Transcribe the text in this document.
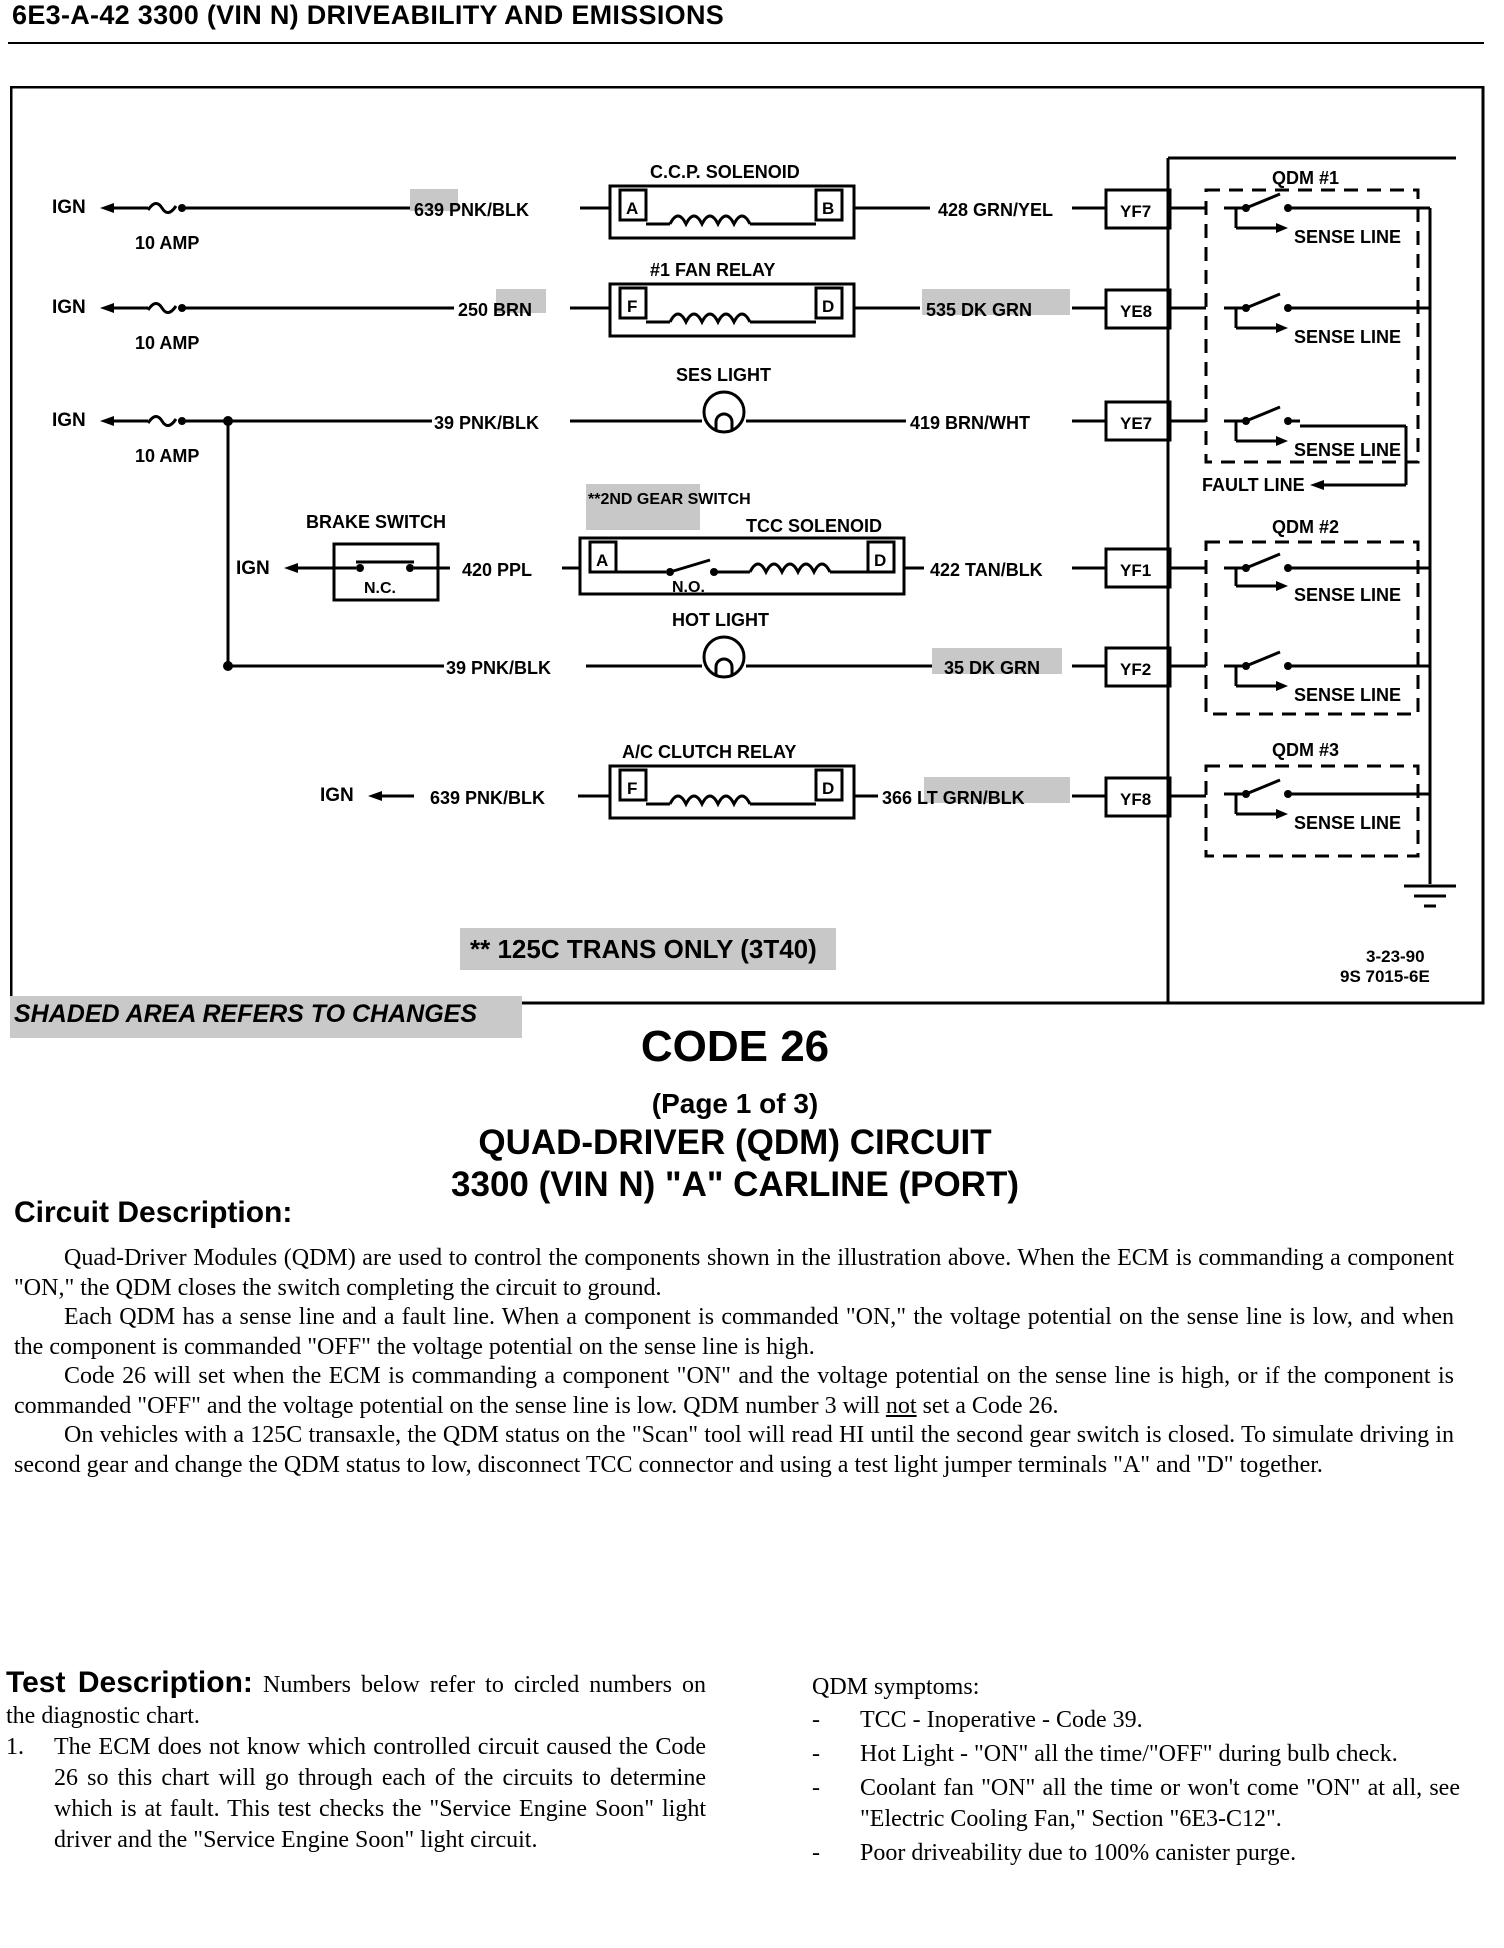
6E3-A-42 3300 (VIN N) DRIVEABILITY AND EMISSIONS
IGN
10 AMP
639 PNK/BLK
C.C.P. SOLENOID
A	B	428 GRN/YEL	YF7
IGN
10 AMP
250 BRN
#1 FAN RELAY
F	D	535 DK GRN	YE8
IGN
10 AMP
39 PNK/BLK
SES LIGHT
419 BRN/WHT	YE7
BRAKE SWITCH
IGN
N.C.
420 PPL
**2ND GEAR SWITCH
TCC SOLENOID
A	D
N.O.
422 TAN/BLK	YF1
39 PNK/BLK
HOT LIGHT
35 DK GRN	YF2
IGN	639 PNK/BLK
A/C CLUTCH RELAY
F	D	366 LT GRN/BLK	YF8
QDM #1
SENSE LINE
SENSE LINE
SENSE LINE
FAULT LINE
QDM #2
SENSE LINE
SENSE LINE
QDM #3
SENSE LINE
** 125C TRANS ONLY (3T40)	3-23-90
9S 7015-6E
SHADED AREA REFERS TO CHANGES
CODE 26
(Page 1 of 3)
QUAD-DRIVER (QDM) CIRCUIT
3300 (VIN N) "A" CARLINE (PORT)
Circuit Description:

Quad-Driver Modules (QDM) are used to control the components shown in the illustration above. When the ECM is commanding a component "ON," the QDM closes the switch completing the circuit to ground.

Each QDM has a sense line and a fault line. When a component is commanded "ON," the voltage potential on the sense line is low, and when the component is commanded "OFF" the voltage potential on the sense line is high.

Code 26 will set when the ECM is commanding a component "ON" and the voltage potential on the sense line is high, or if the component is commanded "OFF" and the voltage potential on the sense line is low. QDM number 3 will not set a Code 26.

On vehicles with a 125C transaxle, the QDM status on the "Scan" tool will read HI until the second gear switch is closed. To simulate driving in second gear and change the QDM status to low, disconnect TCC connector and using a test light jumper terminals "A" and "D" together.

Test Description: Numbers below refer to circled numbers on the diagnostic chart.
1. The ECM does not know which controlled circuit caused the Code 26 so this chart will go through each of the circuits to determine which is at fault. This test checks the "Service Engine Soon" light driver and the "Service Engine Soon" light circuit.
QDM symptoms:
- TCC - Inoperative - Code 39.
- Hot Light - "ON" all the time/"OFF" during bulb check.
- Coolant fan "ON" all the time or won't come "ON" at all, see "Electric Cooling Fan," Section "6E3-C12".
- Poor driveability due to 100% canister purge.
